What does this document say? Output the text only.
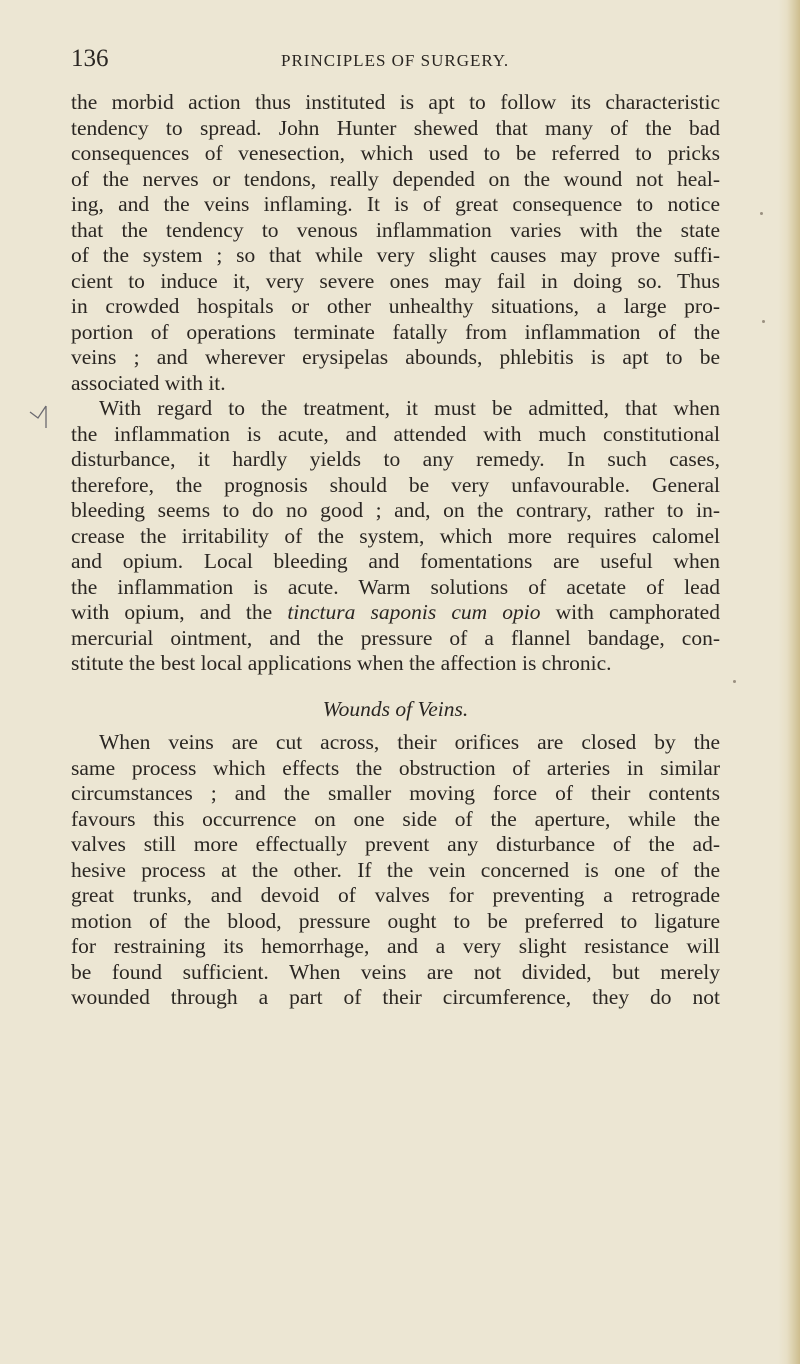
136	PRINCIPLES OF SURGERY.

the morbid action thus instituted is apt to follow its characteristic
tendency to spread. John Hunter shewed that many of the bad
consequences of venesection, which used to be referred to pricks
of the nerves or tendons, really depended on the wound not heal-
ing, and the veins inflaming. It is of great consequence to notice
that the tendency to venous inflammation varies with the state
of the system ; so that while very slight causes may prove suffi-
cient to induce it, very severe ones may fail in doing so. Thus
in crowded hospitals or other unhealthy situations, a large pro-
portion of operations terminate fatally from inflammation of the
veins ; and wherever erysipelas abounds, phlebitis is apt to be
associated with it.

With regard to the treatment, it must be admitted, that when
the inflammation is acute, and attended with much constitutional
disturbance, it hardly yields to any remedy. In such cases,
therefore, the prognosis should be very unfavourable. General
bleeding seems to do no good ; and, on the contrary, rather to in-
crease the irritability of the system, which more requires calomel
and opium. Local bleeding and fomentations are useful when
the inflammation is acute. Warm solutions of acetate of lead
with opium, and the tinctura saponis cum opio with camphorated
mercurial ointment, and the pressure of a flannel bandage, con-
stitute the best local applications when the affection is chronic.

Wounds of Veins.

When veins are cut across, their orifices are closed by the
same process which effects the obstruction of arteries in similar
circumstances ; and the smaller moving force of their contents
favours this occurrence on one side of the aperture, while the
valves still more effectually prevent any disturbance of the ad-
hesive process at the other. If the vein concerned is one of the
great trunks, and devoid of valves for preventing a retrograde
motion of the blood, pressure ought to be preferred to ligature
for restraining its hemorrhage, and a very slight resistance will
be found sufficient. When veins are not divided, but merely
wounded through a part of their circumference, they do not
